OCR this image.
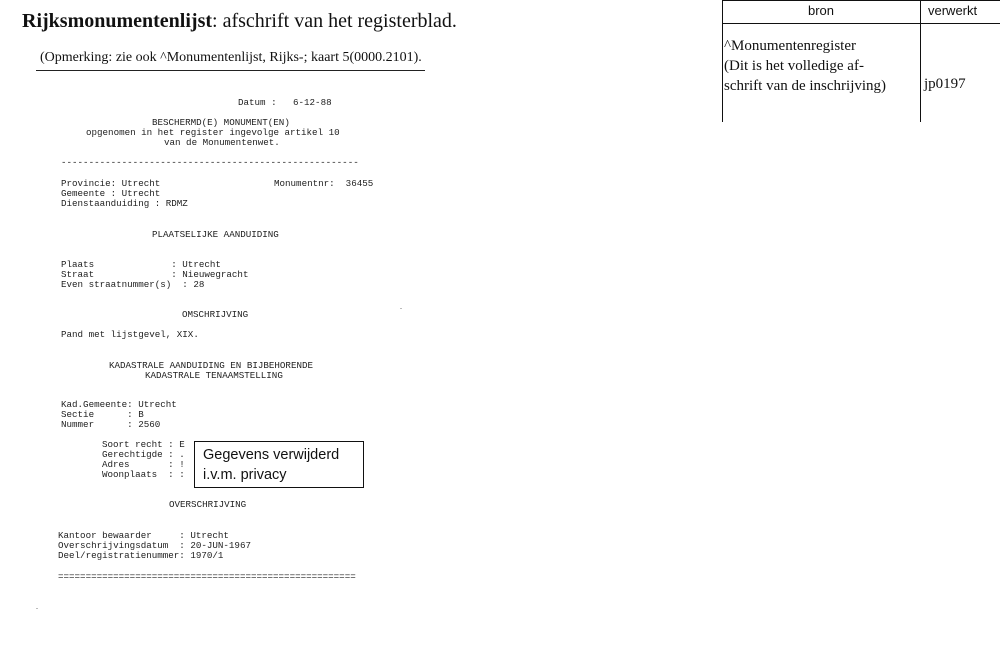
Rijksmonumentenlijst: afschrift van het registerblad.
(Opmerking: zie ook ^Monumentenlijst, Rijks-; kaart 5(0000.2101).
Datum : 6-12-88
BESCHERMD(E) MONUMENT(EN)
opgenomen in het register ingevolge artikel 10
van de Monumentenwet.
------------------------------------------------------
Provincie: Utrecht	Monumentnr:  36455
Gemeente : Utrecht
Dienstaanduiding : RDMZ
PLAATSELIJKE AANDUIDING
Plaats              : Utrecht
Straat              : Nieuwegracht
Even straatnummer(s)  : 28
OMSCHRIJVING
Pand met lijstgevel, XIX.
KADASTRALE AANDUIDING EN BIJBEHORENDE
KADASTRALE TENAAMSTELLING
Kad.Gemeente: Utrecht
Sectie      : B
Nummer      : 2560
Soort recht : E
Gerechtigde : .
Adres       : !
Woonplaats  : :
OVERSCHRIJVING
Kantoor bewaarder     : Utrecht
Overschrijvingsdatum  : 20-JUN-1967
Deel/registratienummer: 1970/1
======================================================
Gegevens verwijderd
i.v.m. privacy
bron	verwerkt
^Monumentenregister
(Dit is het volledige af-
schrift van de inschrijving)	jp0197
